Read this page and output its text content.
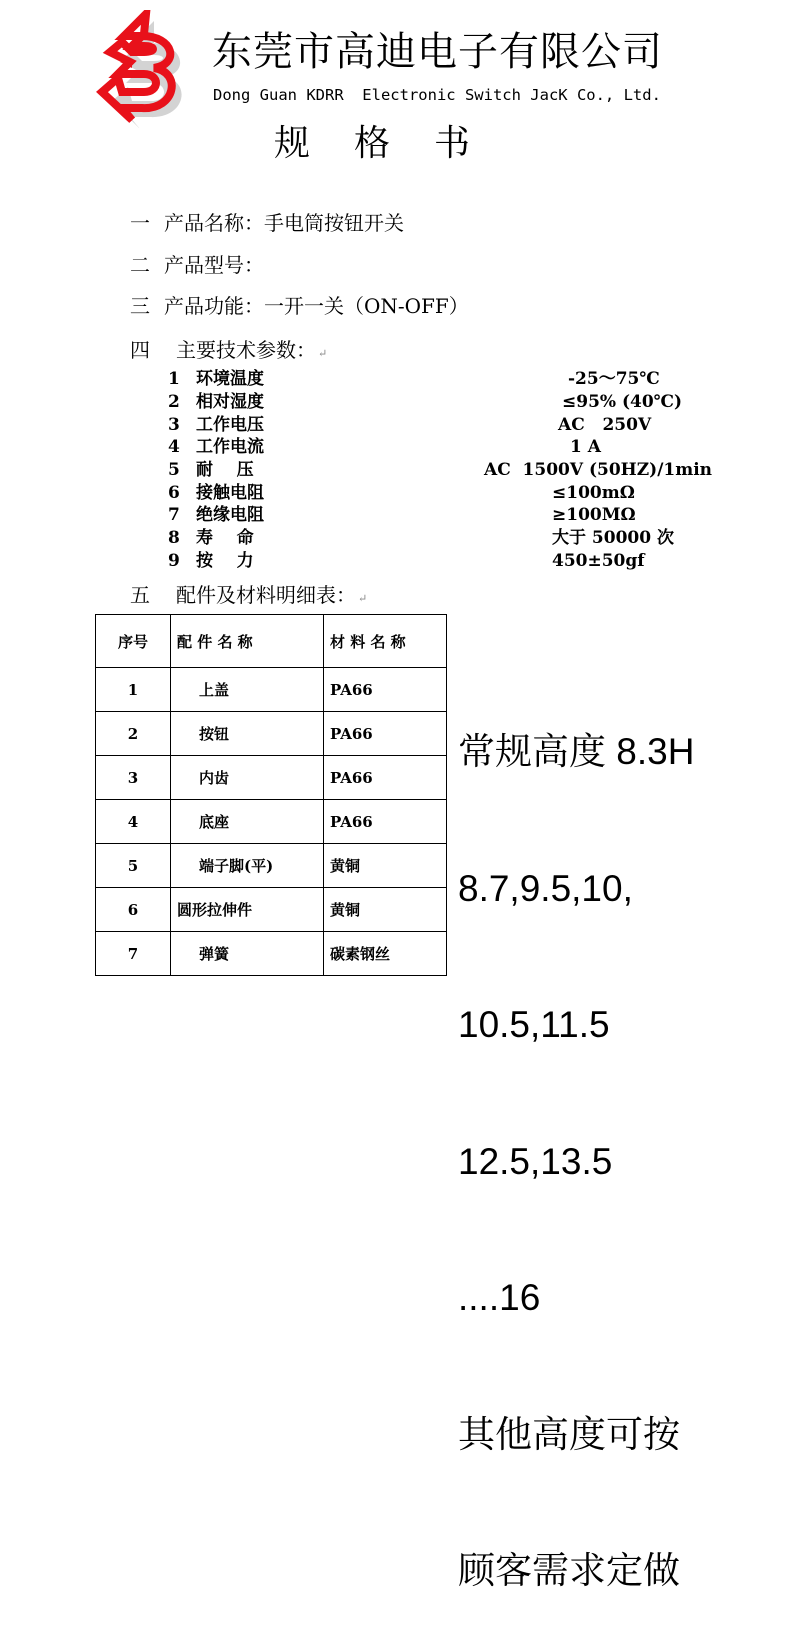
东莞市高迪电子有限公司
Dong Guan KDRR  Electronic Switch JacK Co., Ltd.
规格书
一 产品名称：手电筒按钮开关
二 产品型号：
三 产品功能：一开一关（ON-OFF）
四 主要技术参数： ↵
1 环境温度	-25～75℃
2 相对湿度	≤95% (40℃)
3 工作电压	AC   250V
4 工作电流	1 A
5 耐    压	AC  1500V (50HZ)/1min
6 接触电阻	≤100mΩ
7 绝缘电阻	≥100MΩ
8 寿    命	大于 50000 次
9 按    力	450±50gf
五 配件及材料明细表： ↵
序号	配 件 名 称	材 料 名 称
1	上盖	PA66
2	按钮	PA66
3	内齿	PA66
4	底座	PA66
5	端子脚(平)	黄铜
6	圆形拉伸件	黄铜
7	弹簧	碳素钢丝

常规高度 8.3H

8.7,9.5,10,

10.5,11.5

12.5,13.5

....16

其他高度可按

顾客需求定做
